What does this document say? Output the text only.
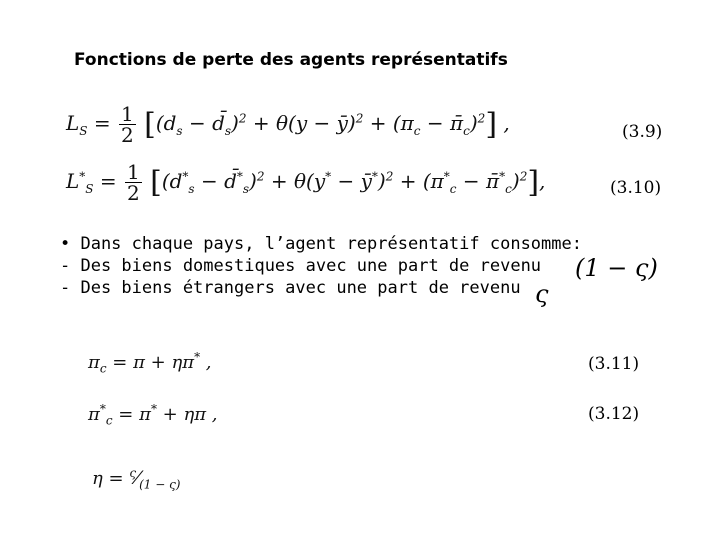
Fonctions de perte des agents représentatifs
$L_S = \frac{1}{2} [(d_s$ − $d̄_s)^2 + \theta(y$ − ȳ)$^2$ + ($\pi_c$ − $\pī_c)^2$] ,	(3.9)
$L^*_S = \frac{1}{2} [(d^*_s$ − $d̄^*_s)^2 + \theta(y^*$ − ȳ*)$^2$ + ($\pi^*_c$ − $\pī^*_c)^2$],	(3.10)
• Dans chaque pays, l’agent représentatif consomme:
- Des biens domestiques avec une part de revenu
- Des biens étrangers avec une part de revenu
(1 − ς)
ς
$\pi_c = \pi + \eta\pi^*$ ,	(3.11)
$\pi^*_c = \pi^* + \eta\pi$ ,	(3.12)
$\eta = ^\varsigma⁄_{(1 - \varsigma)}$
